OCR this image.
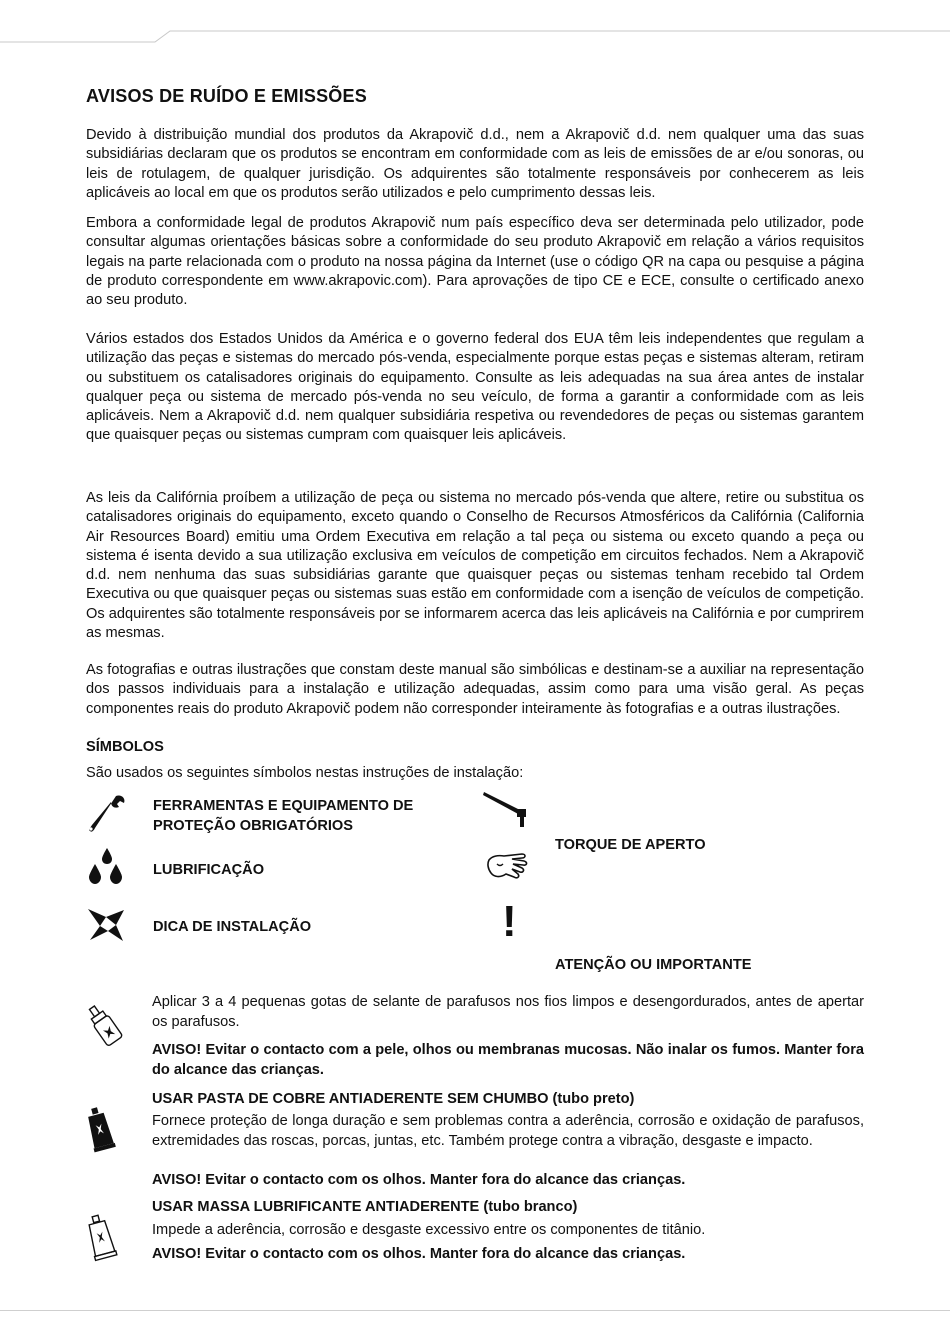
AVISOS DE RUÍDO E EMISSÕES

Devido à distribuição mundial dos produtos da Akrapovič d.d., nem a Akrapovič d.d. nem qualquer uma das suas subsidiárias declaram que os produtos se encontram em conformidade com as leis de emissões de ar e/ou sonoras, ou leis de rotulagem, de qualquer jurisdição. Os adquirentes são totalmente responsáveis por conhecerem as leis aplicáveis ao local em que os produtos serão utilizados e pelo cumprimento dessas leis.

Embora a conformidade legal de produtos Akrapovič num país específico deva ser determinada pelo utilizador, pode consultar algumas orientações básicas sobre a conformidade do seu produto Akrapovič em relação a vários requisitos legais na parte relacionada com o produto na nossa página da Internet (use o código QR na capa ou pesquise a página de produto correspondente em www.akrapovic.com). Para aprovações de tipo CE e ECE, consulte o certificado anexo ao seu produto.

Vários estados dos Estados Unidos da América e o governo federal dos EUA têm leis independentes que regulam a utilização das peças e sistemas do mercado pós-venda, especialmente porque estas peças e sistemas alteram, retiram ou substituem os catalisadores originais do equipamento. Consulte as leis adequadas na sua área antes de instalar qualquer peça ou sistema de mercado pós-venda no seu veículo, de forma a garantir a conformidade com as leis aplicáveis. Nem a Akrapovič d.d. nem qualquer subsidiária respetiva ou revendedores de peças ou sistemas garantem que quaisquer peças ou sistemas cumpram com quaisquer leis aplicáveis.

As leis da Califórnia proíbem a utilização de peça ou sistema no mercado pós-venda que altere, retire ou substitua os catalisadores originais do equipamento, exceto quando o Conselho de Recursos Atmosféricos da Califórnia (California Air Resources Board) emitiu uma Ordem Executiva em relação a tal peça ou sistema ou exceto quando a peça ou sistema é isenta devido a sua utilização exclusiva em veículos de competição em circuitos fechados. Nem a Akrapovič d.d. nem nenhuma das suas subsidiárias garante que quaisquer peças ou sistemas tenham recebido tal Ordem Executiva ou que quaisquer peças ou sistemas suas estão em conformidade com a isenção de veículos de competição. Os adquirentes são totalmente responsáveis por se informarem acerca das leis aplicáveis na Califórnia e por cumprirem as mesmas.

As fotografias e outras ilustrações que constam deste manual são simbólicas e destinam-se a auxiliar na representação dos passos individuais para a instalação e utilização adequadas, assim como para uma visão geral. As peças componentes reais do produto Akrapovič podem não corresponder inteiramente às fotografias e a outras ilustrações.

SÍMBOLOS
São usados os seguintes símbolos nestas instruções de instalação:
FERRAMENTAS E EQUIPAMENTO DE
PROTEÇÃO OBRIGATÓRIOS
LUBRIFICAÇÃO
DICA DE INSTALAÇÃO
TORQUE DE APERTO
!
ATENÇÃO OU IMPORTANTE

Aplicar 3 a 4 pequenas gotas de selante de parafusos nos fios limpos e desengordurados, antes de apertar os parafusos.

AVISO! Evitar o contacto com a pele, olhos ou membranas mucosas. Não inalar os fumos. Manter fora do alcance das crianças.

USAR PASTA DE COBRE ANTIADERENTE SEM CHUMBO (tubo preto)

Fornece proteção de longa duração e sem problemas contra a aderência, corrosão e oxidação de parafusos, extremidades das roscas, porcas, juntas, etc. Também protege contra a vibração, desgaste e impacto.

AVISO! Evitar o contacto com os olhos. Manter fora do alcance das crianças.

USAR MASSA LUBRIFICANTE ANTIADERENTE (tubo branco)

Impede a aderência, corrosão e desgaste excessivo entre os componentes de titânio.

AVISO! Evitar o contacto com os olhos. Manter fora do alcance das crianças.
